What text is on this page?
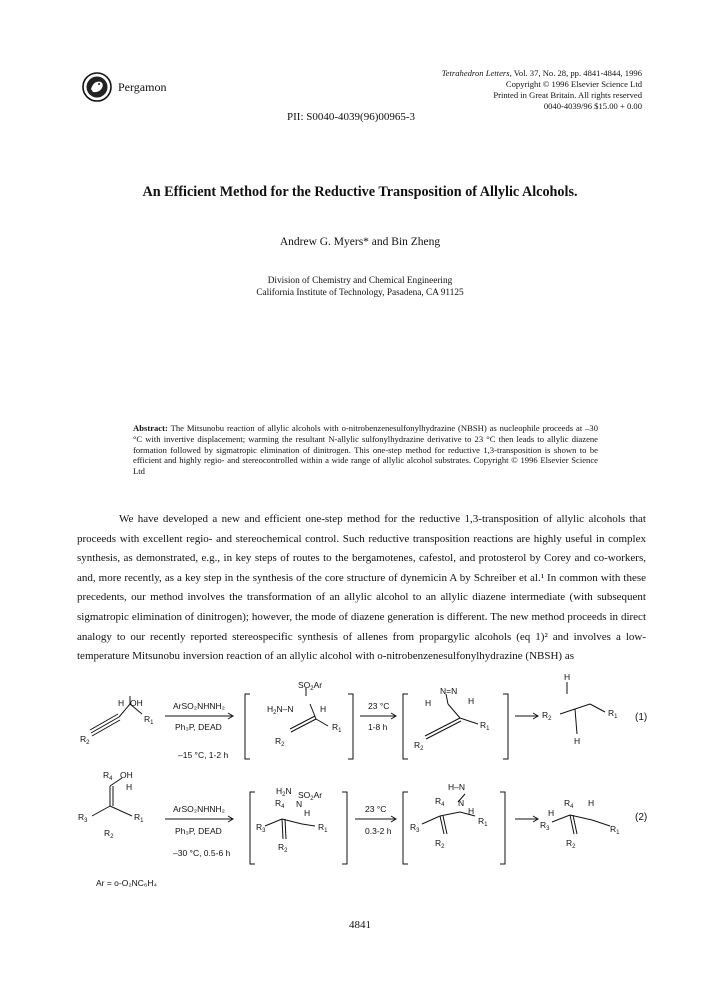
Pergamon
Tetrahedron Letters, Vol. 37, No. 28, pp. 4841-4844, 1996
Copyright © 1996 Elsevier Science Ltd
Printed in Great Britain. All rights reserved
0040-4039/96 $15.00 + 0.00
PII: S0040-4039(96)00965-3
An Efficient Method for the Reductive Transposition of Allylic Alcohols.
Andrew G. Myers* and Bin Zheng
Division of Chemistry and Chemical Engineering
California Institute of Technology, Pasadena, CA 91125
Abstract: The Mitsunobu reaction of allylic alcohols with o-nitrobenzenesulfonylhydrazine (NBSH) as nucleophile proceeds at –30 °C with invertive displacement; warming the resultant N-allylic sulfonylhydrazine derivative to 23 °C then leads to allylic diazene formation followed by sigmatropic elimination of dinitrogen. This one-step method for reductive 1,3-transposition is shown to be efficient and highly regio- and stereocontrolled within a wide range of allylic alcohol substrates. Copyright © 1996 Elsevier Science Ltd
We have developed a new and efficient one-step method for the reductive 1,3-transposition of allylic alcohols that proceeds with excellent regio- and stereochemical control. Such reductive transposition reactions are highly useful in complex synthesis, as demonstrated, e.g., in key steps of routes to the bergamotenes, cafestol, and protosterol by Corey and co-workers, and, more recently, as a key step in the synthesis of the core structure of dynemicin A by Schreiber et al.¹ In common with these precedents, our method involves the transformation of an allylic alcohol to an allylic diazene intermediate (with subsequent sigmatropic elimination of dinitrogen); however, the mode of diazene generation is different. The new method proceeds in direct analogy to our recently reported stereospecific synthesis of allenes from propargylic alcohols (eq 1)² and involves a low-temperature Mitsunobu inversion reaction of an allylic alcohol with o-nitrobenzenesulfonylhydrazine (NBSH) as
H OH
$R_1$
$R_2$
ArSO₂NHNH₂
Ph₃P, DEAD
–15 °C, 1-2 h
$SO_2Ar$
$H_2N-N$	H
$R_1$
$R_2$
23 °C
1-8 h
N=N
H
H
$R_1$
$R_2$
H
$R_2$
$R_1$
H
(1)
$R_4$ OH
H
$R_3$	$R_1$
$R_2$
ArSO₂NHNH₂
Ph₃P, DEAD
–30 °C, 0.5-6 h
$H_2N$ $SO_2Ar$
$R_4$ N
H
$R_3$	$R_1$
$R_2$
23 °C
0.3-2 h
H–N
$R_4$ N
H
$R_3$
$R_1$
$R_2$
H
$R_4$ H
$R_3$	$R_1$
$R_2$
(2)
Ar = o-O₂NC₆H₄
4841
